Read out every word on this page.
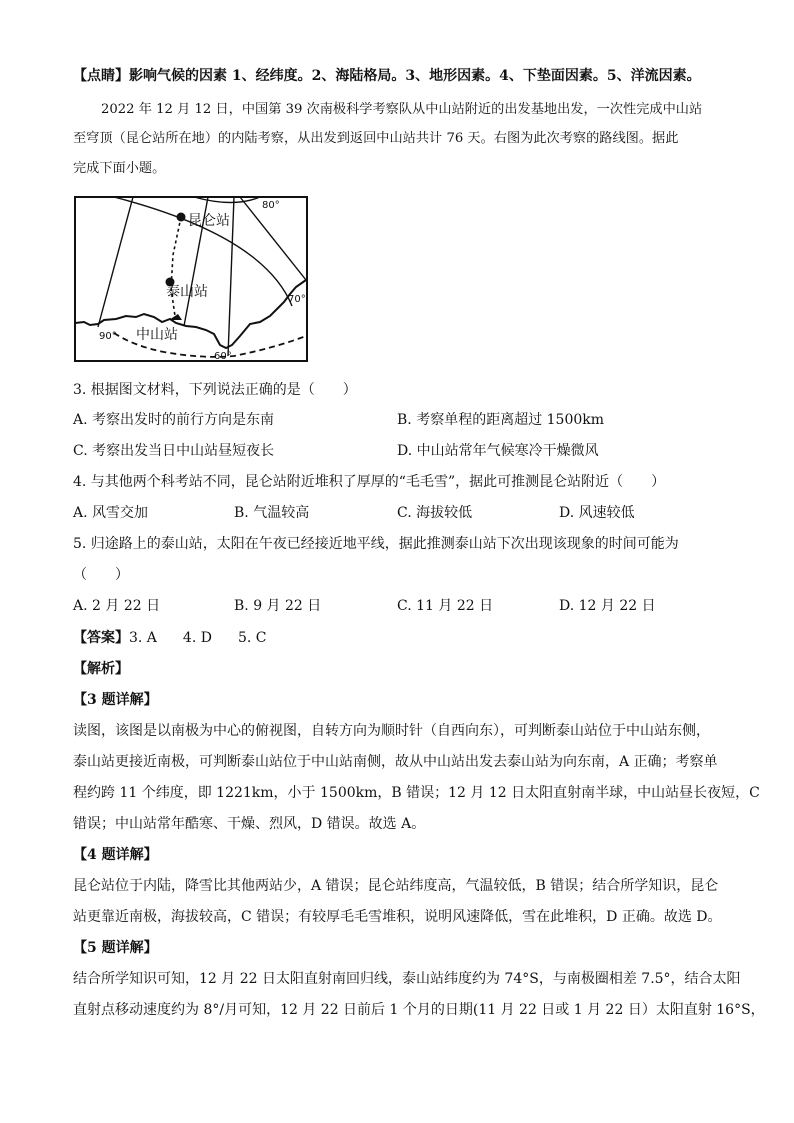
【点睛】影响气候的因素 1、经纬度。2、海陆格局。3、地形因素。4、下垫面因素。5、洋流因素。
2022 年 12 月 12 日，中国第 39 次南极科学考察队从中山站附近的出发基地出发，一次性完成中山站
至穹顶（昆仑站所在地）的内陆考察，从出发到返回中山站共计 76 天。右图为此次考察的路线图。据此
完成下面小题。
昆仑站
泰山站
中山站
80°
70°
90°
60°
3. 根据图文材料，下列说法正确的是（　　）
A. 考察出发时的前行方向是东南	B. 考察单程的距离超过 1500km
C. 考察出发当日中山站昼短夜长	D. 中山站常年气候寒冷干燥微风
4. 与其他两个科考站不同，昆仑站附近堆积了厚厚的“毛毛雪”，据此可推测昆仑站附近（　　）
A. 风雪交加	B. 气温较高	C. 海拔较低	D. 风速较低
5. 归途路上的泰山站，太阳在午夜已经接近地平线，据此推测泰山站下次出现该现象的时间可能为
（　　）
A. 2 月 22 日	B. 9 月 22 日	C. 11 月 22 日	D. 12 月 22 日
【答案】3. A 4. D 5. C
【解析】
【3 题详解】
读图，该图是以南极为中心的俯视图，自转方向为顺时针（自西向东），可判断泰山站位于中山站东侧，
泰山站更接近南极，可判断泰山站位于中山站南侧，故从中山站出发去泰山站为向东南，A 正确；考察单
程约跨 11 个纬度，即 1221km，小于 1500km，B 错误；12 月 12 日太阳直射南半球，中山站昼长夜短，C
错误；中山站常年酷寒、干燥、烈风，D 错误。故选 A。
【4 题详解】
昆仑站位于内陆，降雪比其他两站少，A 错误；昆仑站纬度高，气温较低，B 错误；结合所学知识，昆仑
站更靠近南极，海拔较高，C 错误；有较厚毛毛雪堆积，说明风速降低，雪在此堆积，D 正确。故选 D。
【5 题详解】
结合所学知识可知，12 月 22 日太阳直射南回归线，泰山站纬度约为 74°S，与南极圈相差 7.5°，结合太阳
直射点移动速度约为 8°/月可知，12 月 22 日前后 1 个月的日期(11 月 22 日或 1 月 22 日）太阳直射 16°S，
